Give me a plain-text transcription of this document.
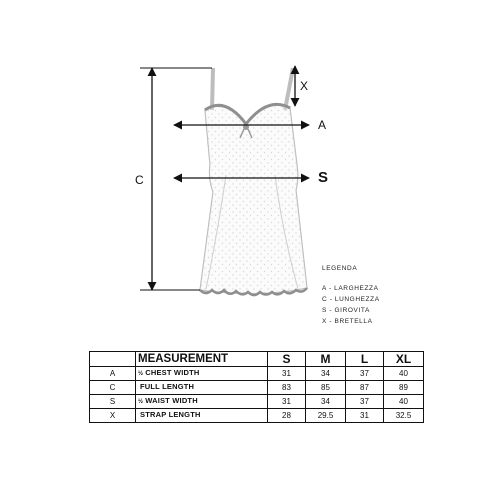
X
A
S
C
LEGENDA
A - LARGHEZZA
C - LUNGHEZZA
S - GIROVITA
X - BRETELLA
	MEASUREMENT	S	M	L	XL
A	½ CHEST WIDTH	31	34	37	40
C	FULL LENGTH	83	85	87	89
S	½ WAIST WIDTH	31	34	37	40
X	STRAP LENGTH	28	29.5	31	32.5
